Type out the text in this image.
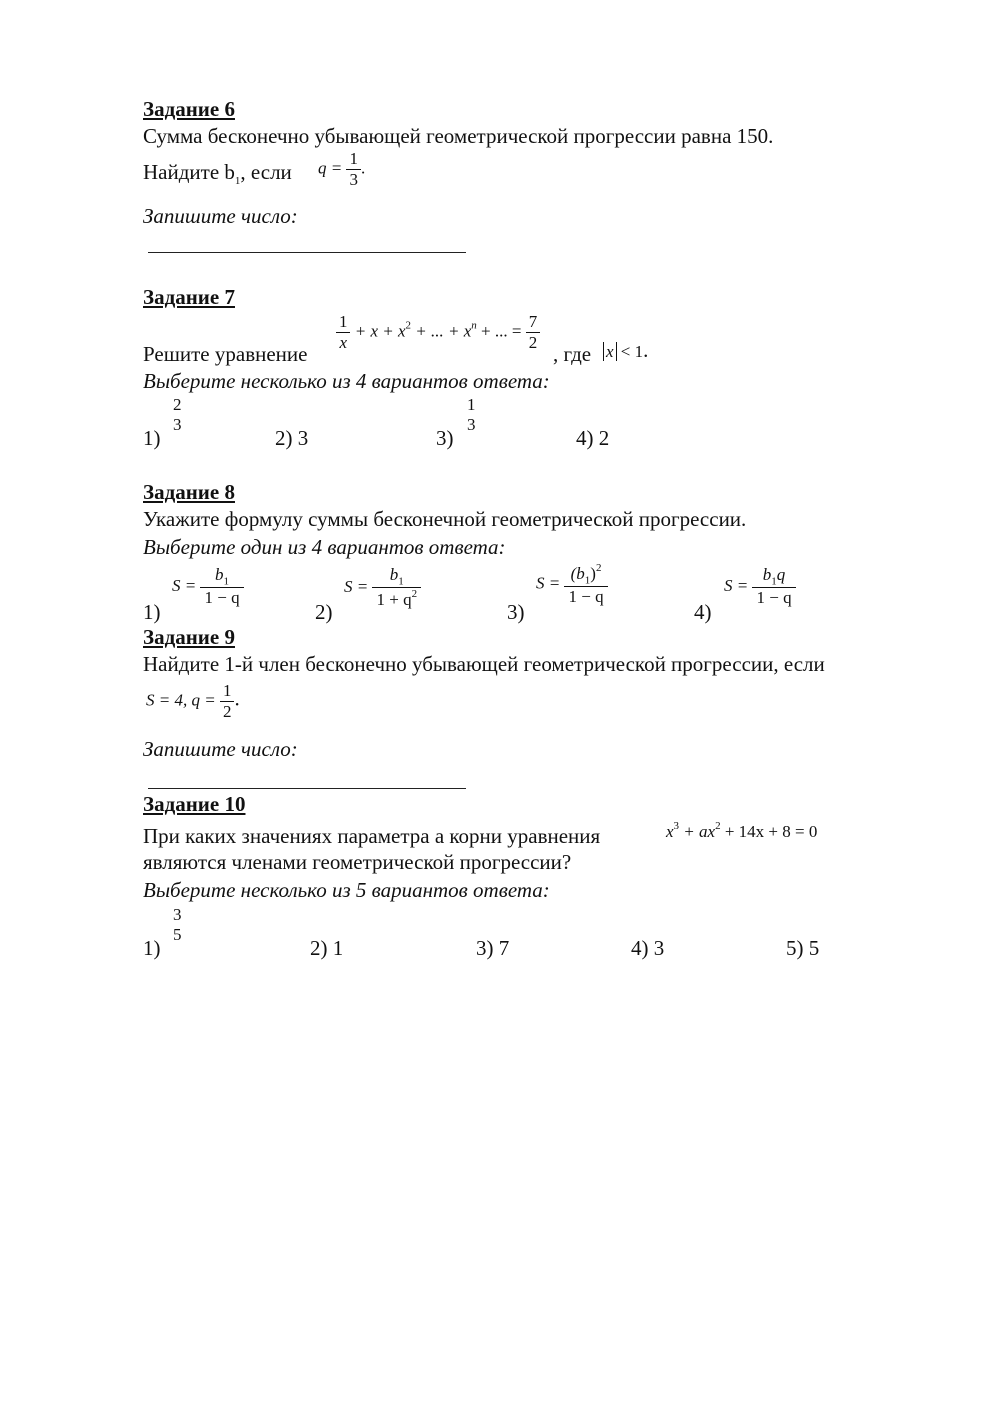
Задание 6
Сумма бесконечно убывающей геометрической прогрессии равна 150.
Найдите $b_1$, если $q = \frac{1}{3}$ .
Запишите число:
Задание 7
Решите уравнение
$\frac{1}{x} + x + x^2$ + ... + $x^n$ + ... = $\frac{7}{2}$
, где x < 1.
Выберите несколько из 4 вариантов ответа:
1)
2
3
2) 3	3)
1
3
4) 2
Задание 8
Укажите формулу суммы бесконечной геометрической прогрессии.
Выберите один из 4 вариантов ответа:
1)
$S = \frac{b_1}{1 - q}$
2)
$S = \frac{b_1}{1 + q^2}$
3)
$S = \frac{(b_1)^2}{1 - q}$
4)
$S = \frac{b_1q}{1 - q}$
Задание 9
Найдите 1-й член бесконечно убывающей геометрической прогрессии, если
S = 4, $q = \frac{1}{2}$ .
Запишите число:
Задание 10
При каких значениях параметра а корни уравнения	$x^3 + ax^2 + 14x + 8 = 0$
являются членами геометрической прогрессии?
Выберите несколько из 5 вариантов ответа:
1)
3
5
2) 1	3) 7	4) 3	5) 5
